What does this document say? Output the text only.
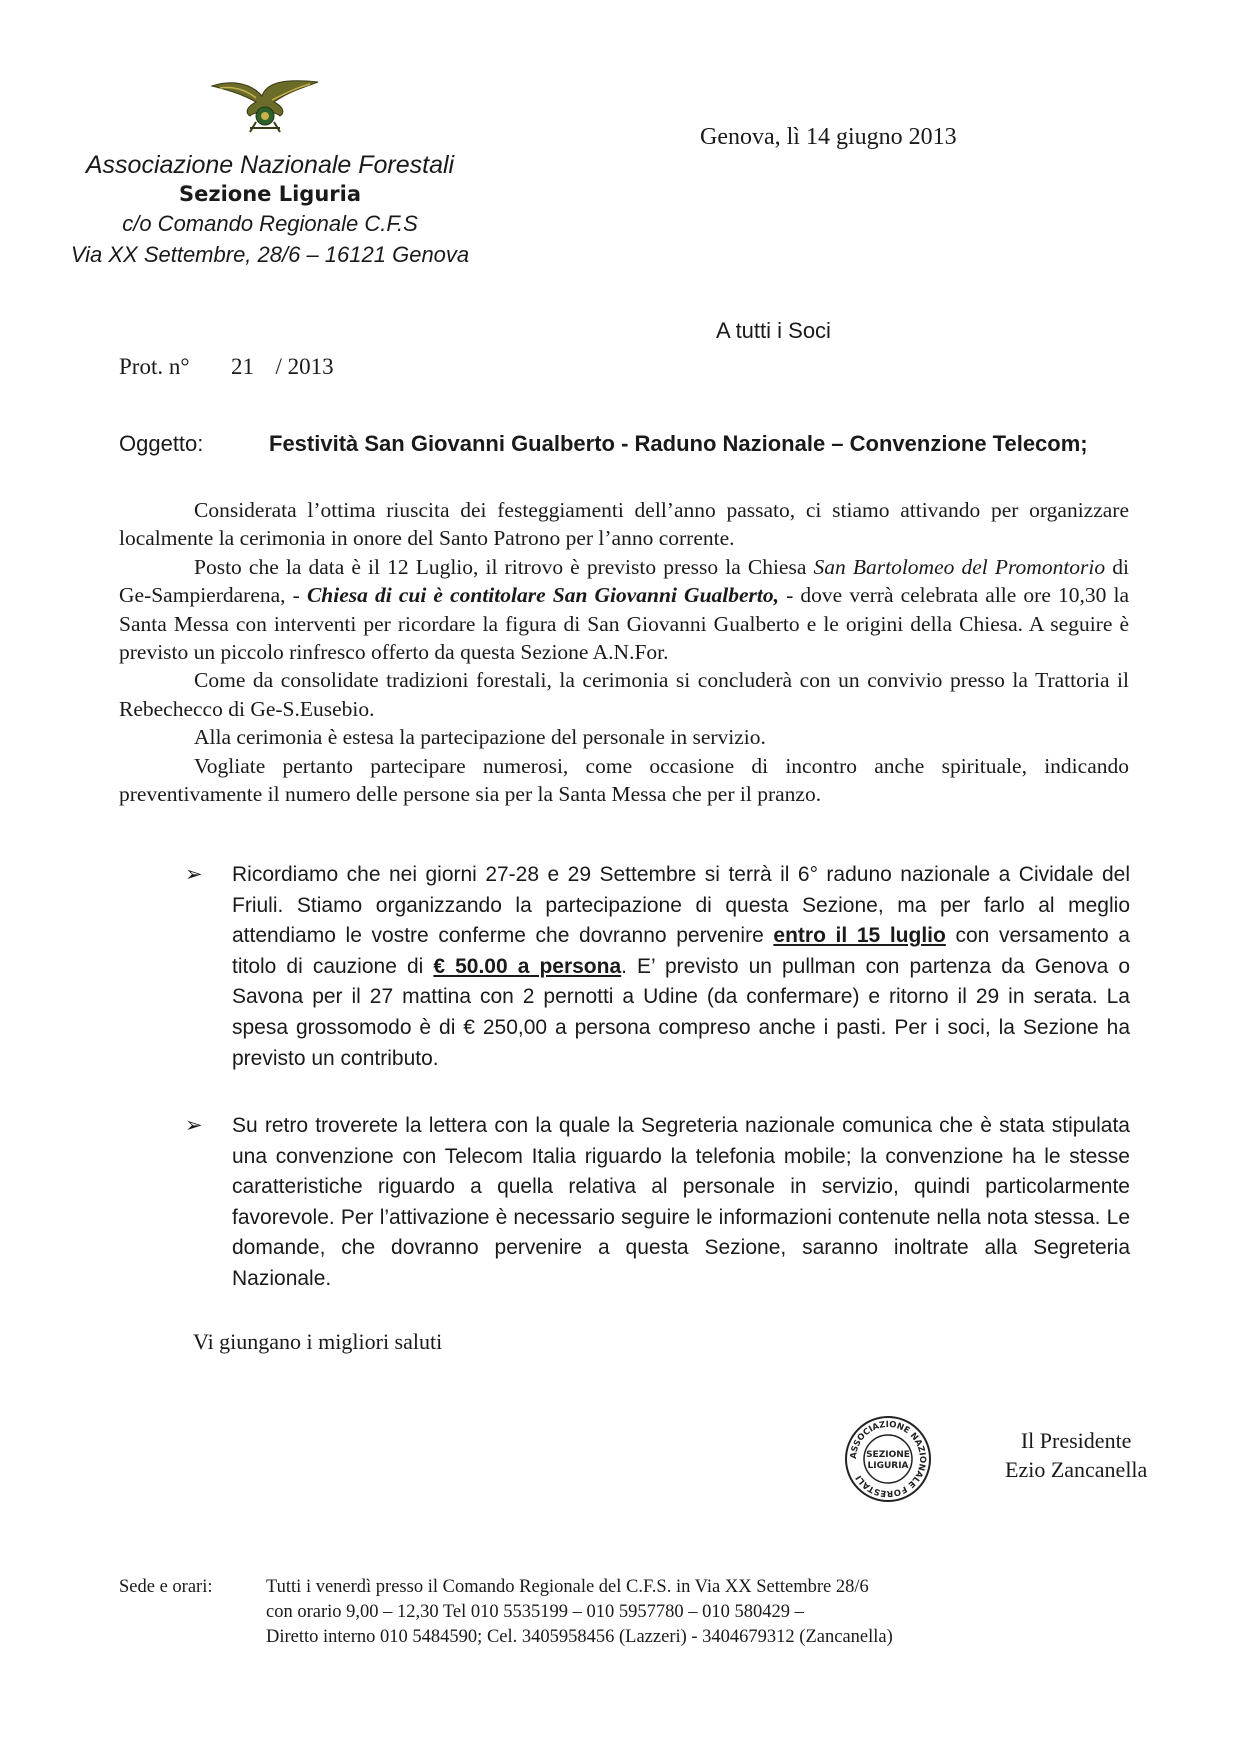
Associazione Nazionale Forestali
Sezione Liguria
c/o Comando Regionale C.F.S
Via XX Settembre, 28/6 – 16121 Genova
Genova, lì 14 giugno 2013
A tutti i Soci
Prot. n° 21 / 2013
Oggetto:	Festività San Giovanni Gualberto - Raduno Nazionale – Convenzione Telecom;

Considerata l’ottima riuscita dei festeggiamenti dell’anno passato, ci stiamo attivando per organizzare localmente la cerimonia in onore del Santo Patrono per l’anno corrente.

Posto che la data è il 12 Luglio, il ritrovo è previsto presso la Chiesa San Bartolomeo del Promontorio di Ge-Sampierdarena, - Chiesa di cui è contitolare San Giovanni Gualberto, - dove verrà celebrata alle ore 10,30 la Santa Messa con interventi per ricordare la figura di San Giovanni Gualberto e le origini della Chiesa. A seguire è previsto un piccolo rinfresco offerto da questa Sezione A.N.For.

Come da consolidate tradizioni forestali, la cerimonia si concluderà con un convivio presso la Trattoria il Rebechecco di Ge-S.Eusebio.

Alla cerimonia è estesa la partecipazione del personale in servizio.

Vogliate pertanto partecipare numerosi, come occasione di incontro anche spirituale, indicando preventivamente il numero delle persone sia per la Santa Messa che per il pranzo.

➢ Ricordiamo che nei giorni 27-28 e 29 Settembre si terrà il 6° raduno nazionale a Cividale del Friuli. Stiamo organizzando la partecipazione di questa Sezione, ma per farlo al meglio attendiamo le vostre conferme che dovranno pervenire entro il 15 luglio con versamento a titolo di cauzione di € 50.00 a persona. E’ previsto un pullman con partenza da Genova o Savona per il 27 mattina con 2 pernotti a Udine (da confermare) e ritorno il 29 in serata. La spesa grossomodo è di € 250,00 a persona compreso anche i pasti. Per i soci, la Sezione ha previsto un contributo.
➢ Su retro troverete la lettera con la quale la Segreteria nazionale comunica che è stata stipulata una convenzione con Telecom Italia riguardo la telefonia mobile; la convenzione ha le stesse caratteristiche riguardo a quella relativa al personale in servizio, quindi particolarmente favorevole. Per l’attivazione è necessario seguire le informazioni contenute nella nota stessa. Le domande, che dovranno pervenire a questa Sezione, saranno inoltrate alla Segreteria Nazionale.
Vi giungano i migliori saluti
ASSOCIAZIONE NAZIONALE FORESTALI
SEZIONE
LIGURIA
Il Presidente
Ezio Zancanella
Sede e orari:	Tutti i venerdì presso il Comando Regionale del C.F.S. in Via XX Settembre 28/6
con orario 9,00 – 12,30 Tel 010 5535199 – 010 5957780 – 010 580429 –
Diretto interno 010 5484590; Cel. 3405958456 (Lazzeri) - 3404679312 (Zancanella)
